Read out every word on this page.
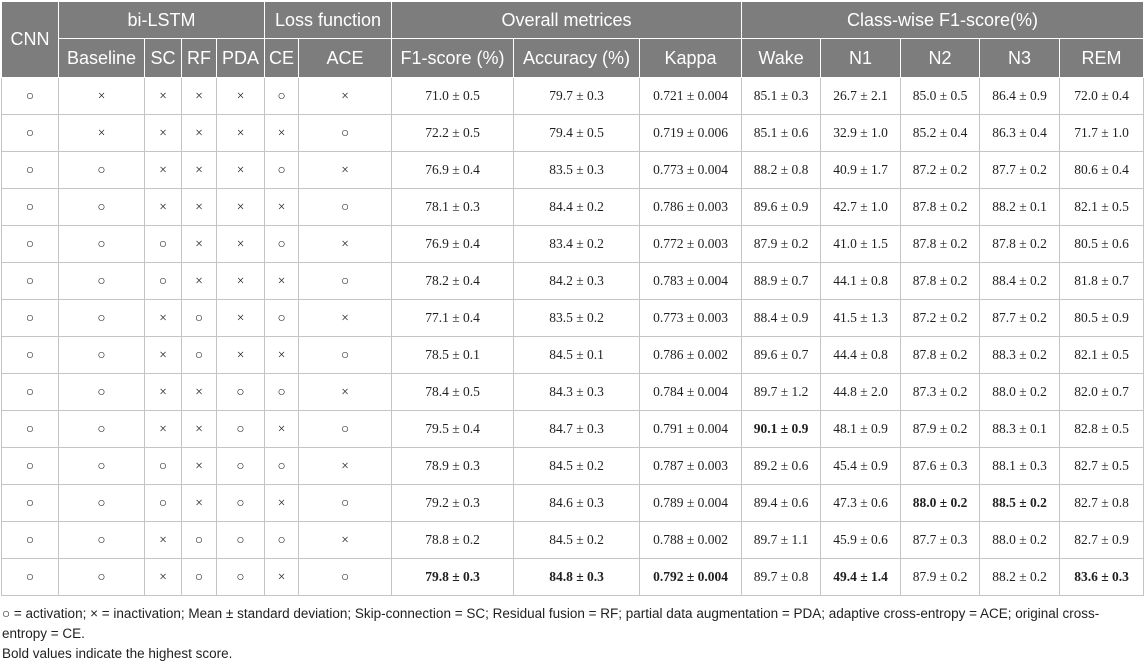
CNN	bi-LSTM				Loss function		Overall metrices			Class-wise F1-score(%)				
	Baseline	SC	RF	PDA	CE	ACE	F1-score (%)	Accuracy (%)	Kappa	Wake	N1	N2	N3	REM
○	×	×	×	×	○	×	71.0 ± 0.5	79.7 ± 0.3	0.721 ± 0.004	85.1 ± 0.3	26.7 ± 2.1	85.0 ± 0.5	86.4 ± 0.9	72.0 ± 0.4
○	×	×	×	×	×	○	72.2 ± 0.5	79.4 ± 0.5	0.719 ± 0.006	85.1 ± 0.6	32.9 ± 1.0	85.2 ± 0.4	86.3 ± 0.4	71.7 ± 1.0
○	○	×	×	×	○	×	76.9 ± 0.4	83.5 ± 0.3	0.773 ± 0.004	88.2 ± 0.8	40.9 ± 1.7	87.2 ± 0.2	87.7 ± 0.2	80.6 ± 0.4
○	○	×	×	×	×	○	78.1 ± 0.3	84.4 ± 0.2	0.786 ± 0.003	89.6 ± 0.9	42.7 ± 1.0	87.8 ± 0.2	88.2 ± 0.1	82.1 ± 0.5
○	○	○	×	×	○	×	76.9 ± 0.4	83.4 ± 0.2	0.772 ± 0.003	87.9 ± 0.2	41.0 ± 1.5	87.8 ± 0.2	87.8 ± 0.2	80.5 ± 0.6
○	○	○	×	×	×	○	78.2 ± 0.4	84.2 ± 0.3	0.783 ± 0.004	88.9 ± 0.7	44.1 ± 0.8	87.8 ± 0.2	88.4 ± 0.2	81.8 ± 0.7
○	○	×	○	×	○	×	77.1 ± 0.4	83.5 ± 0.2	0.773 ± 0.003	88.4 ± 0.9	41.5 ± 1.3	87.2 ± 0.2	87.7 ± 0.2	80.5 ± 0.9
○	○	×	○	×	×	○	78.5 ± 0.1	84.5 ± 0.1	0.786 ± 0.002	89.6 ± 0.7	44.4 ± 0.8	87.8 ± 0.2	88.3 ± 0.2	82.1 ± 0.5
○	○	×	×	○	○	×	78.4 ± 0.5	84.3 ± 0.3	0.784 ± 0.004	89.7 ± 1.2	44.8 ± 2.0	87.3 ± 0.2	88.0 ± 0.2	82.0 ± 0.7
○	○	×	×	○	×	○	79.5 ± 0.4	84.7 ± 0.3	0.791 ± 0.004	90.1 ± 0.9	48.1 ± 0.9	87.9 ± 0.2	88.3 ± 0.1	82.8 ± 0.5
○	○	○	×	○	○	×	78.9 ± 0.3	84.5 ± 0.2	0.787 ± 0.003	89.2 ± 0.6	45.4 ± 0.9	87.6 ± 0.3	88.1 ± 0.3	82.7 ± 0.5
○	○	○	×	○	×	○	79.2 ± 0.3	84.6 ± 0.3	0.789 ± 0.004	89.4 ± 0.6	47.3 ± 0.6	88.0 ± 0.2	88.5 ± 0.2	82.7 ± 0.8
○	○	×	○	○	○	×	78.8 ± 0.2	84.5 ± 0.2	0.788 ± 0.002	89.7 ± 1.1	45.9 ± 0.6	87.7 ± 0.3	88.0 ± 0.2	82.7 ± 0.9
○	○	×	○	○	×	○	79.8 ± 0.3	84.8 ± 0.3	0.792 ± 0.004	89.7 ± 0.8	49.4 ± 1.4	87.9 ± 0.2	88.2 ± 0.2	83.6 ± 0.3
○ = activation; × = inactivation; Mean ± standard deviation; Skip-connection = SC; Residual fusion = RF; partial data augmentation = PDA; adaptive cross-entropy = ACE; original cross-entropy = CE.
Bold values indicate the highest score.
